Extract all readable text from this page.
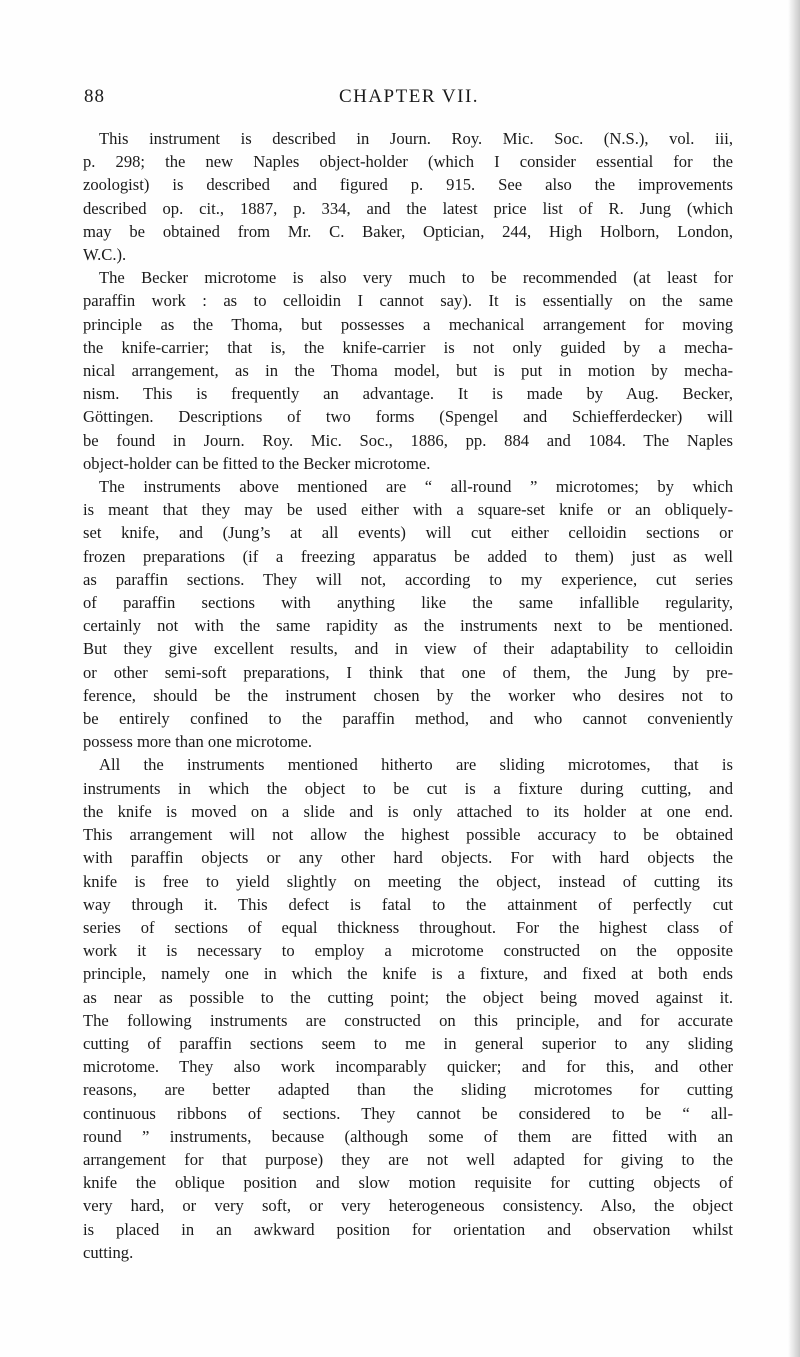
88	CHAPTER VII.
This instrument is described in Journ. Roy. Mic. Soc. (N.S.), vol. iii,
p. 298; the new Naples object-holder (which I consider essential for the
zoologist) is described and figured p. 915. See also the improvements
described op. cit., 1887, p. 334, and the latest price list of R. Jung (which
may be obtained from Mr. C. Baker, Optician, 244, High Holborn, London,
W.C.).
The Becker microtome is also very much to be recommended (at least for
paraffin work : as to celloidin I cannot say). It is essentially on the same
principle as the Thoma, but possesses a mechanical arrangement for moving
the knife-carrier; that is, the knife-carrier is not only guided by a mecha-
nical arrangement, as in the Thoma model, but is put in motion by mecha-
nism. This is frequently an advantage. It is made by Aug. Becker,
Göttingen. Descriptions of two forms (Spengel and Schiefferdecker) will
be found in Journ. Roy. Mic. Soc., 1886, pp. 884 and 1084. The Naples
object-holder can be fitted to the Becker microtome.
The instruments above mentioned are “ all-round ” microtomes; by which
is meant that they may be used either with a square-set knife or an obliquely-
set knife, and (Jung’s at all events) will cut either celloidin sections or
frozen preparations (if a freezing apparatus be added to them) just as well
as paraffin sections. They will not, according to my experience, cut series
of paraffin sections with anything like the same infallible regularity,
certainly not with the same rapidity as the instruments next to be mentioned.
But they give excellent results, and in view of their adaptability to celloidin
or other semi-soft preparations, I think that one of them, the Jung by pre-
ference, should be the instrument chosen by the worker who desires not to
be entirely confined to the paraffin method, and who cannot conveniently
possess more than one microtome.
All the instruments mentioned hitherto are sliding microtomes, that is
instruments in which the object to be cut is a fixture during cutting, and
the knife is moved on a slide and is only attached to its holder at one end.
This arrangement will not allow the highest possible accuracy to be obtained
with paraffin objects or any other hard objects. For with hard objects the
knife is free to yield slightly on meeting the object, instead of cutting its
way through it. This defect is fatal to the attainment of perfectly cut
series of sections of equal thickness throughout. For the highest class of
work it is necessary to employ a microtome constructed on the opposite
principle, namely one in which the knife is a fixture, and fixed at both ends
as near as possible to the cutting point; the object being moved against it.
The following instruments are constructed on this principle, and for accurate
cutting of paraffin sections seem to me in general superior to any sliding
microtome. They also work incomparably quicker; and for this, and other
reasons, are better adapted than the sliding microtomes for cutting
continuous ribbons of sections. They cannot be considered to be “ all-
round ” instruments, because (although some of them are fitted with an
arrangement for that purpose) they are not well adapted for giving to the
knife the oblique position and slow motion requisite for cutting objects of
very hard, or very soft, or very heterogeneous consistency. Also, the object
is placed in an awkward position for orientation and observation whilst
cutting.
